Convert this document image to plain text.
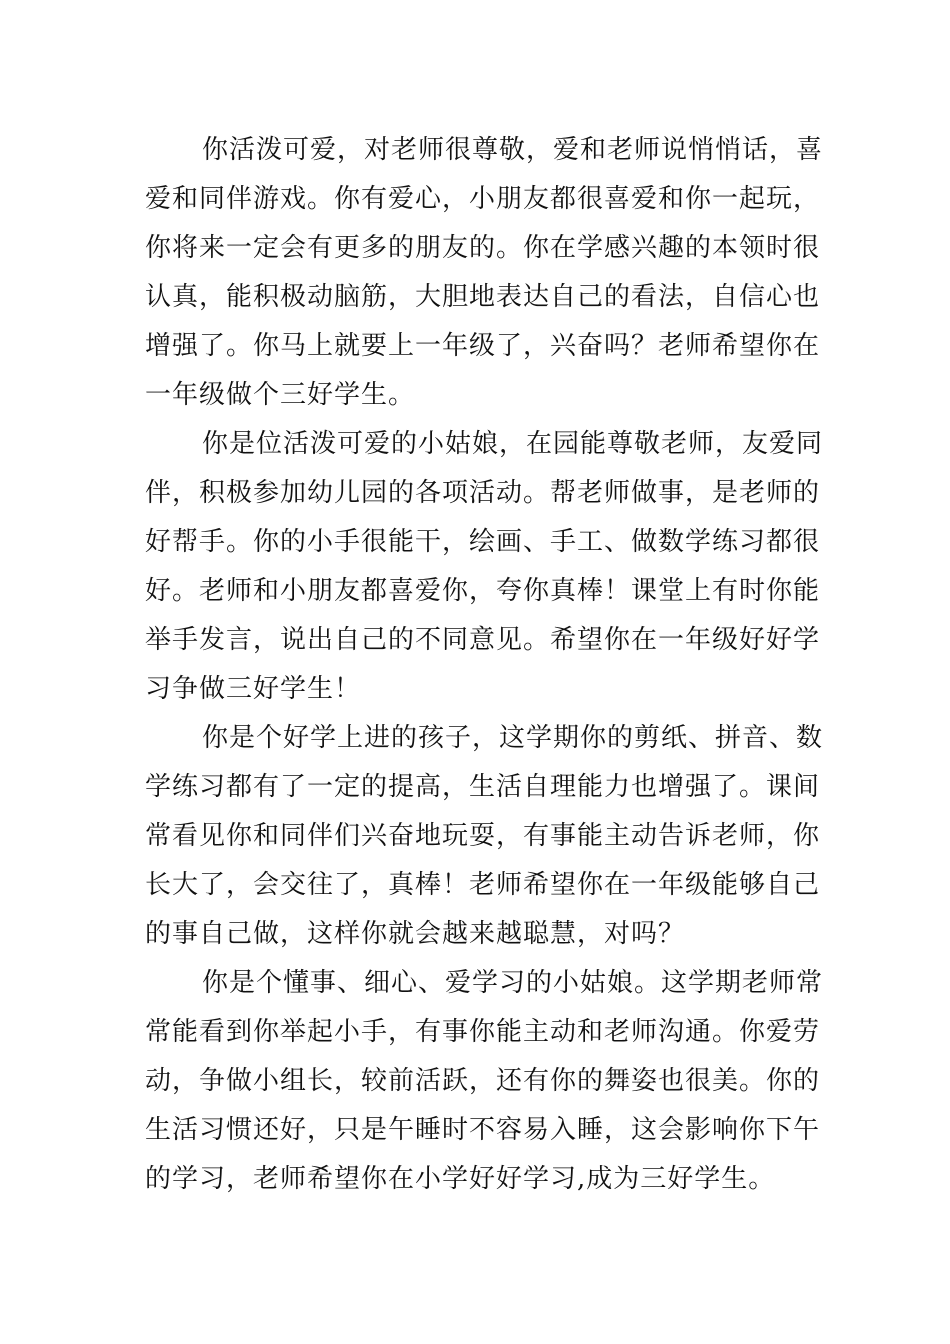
你活泼可爱，对老师很尊敬，爱和老师说悄悄话，喜
爱和同伴游戏。你有爱心，小朋友都很喜爱和你一起玩，
你将来一定会有更多的朋友的。你在学感兴趣的本领时很
认真，能积极动脑筋，大胆地表达自己的看法，自信心也
增强了。你马上就要上一年级了，兴奋吗？老师希望你在
一年级做个三好学生。
你是位活泼可爱的小姑娘，在园能尊敬老师，友爱同
伴，积极参加幼儿园的各项活动。帮老师做事，是老师的
好帮手。你的小手很能干，绘画、手工、做数学练习都很
好。老师和小朋友都喜爱你，夸你真棒！课堂上有时你能
举手发言，说出自己的不同意见。希望你在一年级好好学
习争做三好学生！
你是个好学上进的孩子，这学期你的剪纸、拼音、数
学练习都有了一定的提高，生活自理能力也增强了。课间
常看见你和同伴们兴奋地玩耍，有事能主动告诉老师，你
长大了，会交往了，真棒！老师希望你在一年级能够自己
的事自己做，这样你就会越来越聪慧，对吗？
你是个懂事、细心、爱学习的小姑娘。这学期老师常
常能看到你举起小手，有事你能主动和老师沟通。你爱劳
动，争做小组长，较前活跃，还有你的舞姿也很美。你的
生活习惯还好，只是午睡时不容易入睡，这会影响你下午
的学习，老师希望你在小学好好学习,成为三好学生。
